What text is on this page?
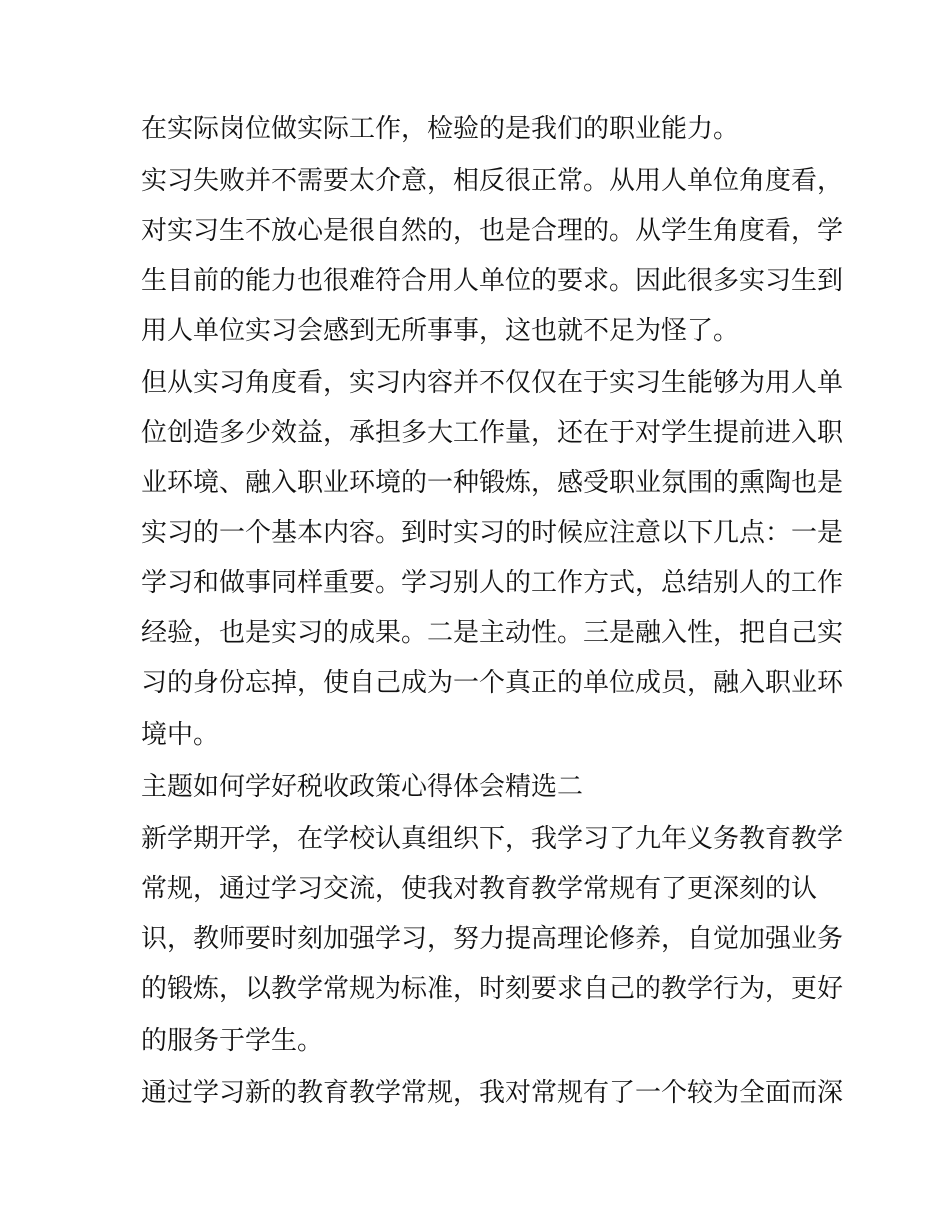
在实际岗位做实际工作，检验的是我们的职业能力。
实习失败并不需要太介意，相反很正常。从用人单位角度看，
对实习生不放心是很自然的，也是合理的。从学生角度看，学
生目前的能力也很难符合用人单位的要求。因此很多实习生到
用人单位实习会感到无所事事，这也就不足为怪了。
但从实习角度看，实习内容并不仅仅在于实习生能够为用人单
位创造多少效益，承担多大工作量，还在于对学生提前进入职
业环境、融入职业环境的一种锻炼，感受职业氛围的熏陶也是
实习的一个基本内容。到时实习的时候应注意以下几点：一是
学习和做事同样重要。学习别人的工作方式，总结别人的工作
经验，也是实习的成果。二是主动性。三是融入性，把自己实
习的身份忘掉，使自己成为一个真正的单位成员，融入职业环
境中。
主题如何学好税收政策心得体会精选二
新学期开学，在学校认真组织下，我学习了九年义务教育教学
常规，通过学习交流，使我对教育教学常规有了更深刻的认
识，教师要时刻加强学习，努力提高理论修养，自觉加强业务
的锻炼，以教学常规为标准，时刻要求自己的教学行为，更好
的服务于学生。
通过学习新的教育教学常规，我对常规有了一个较为全面而深
